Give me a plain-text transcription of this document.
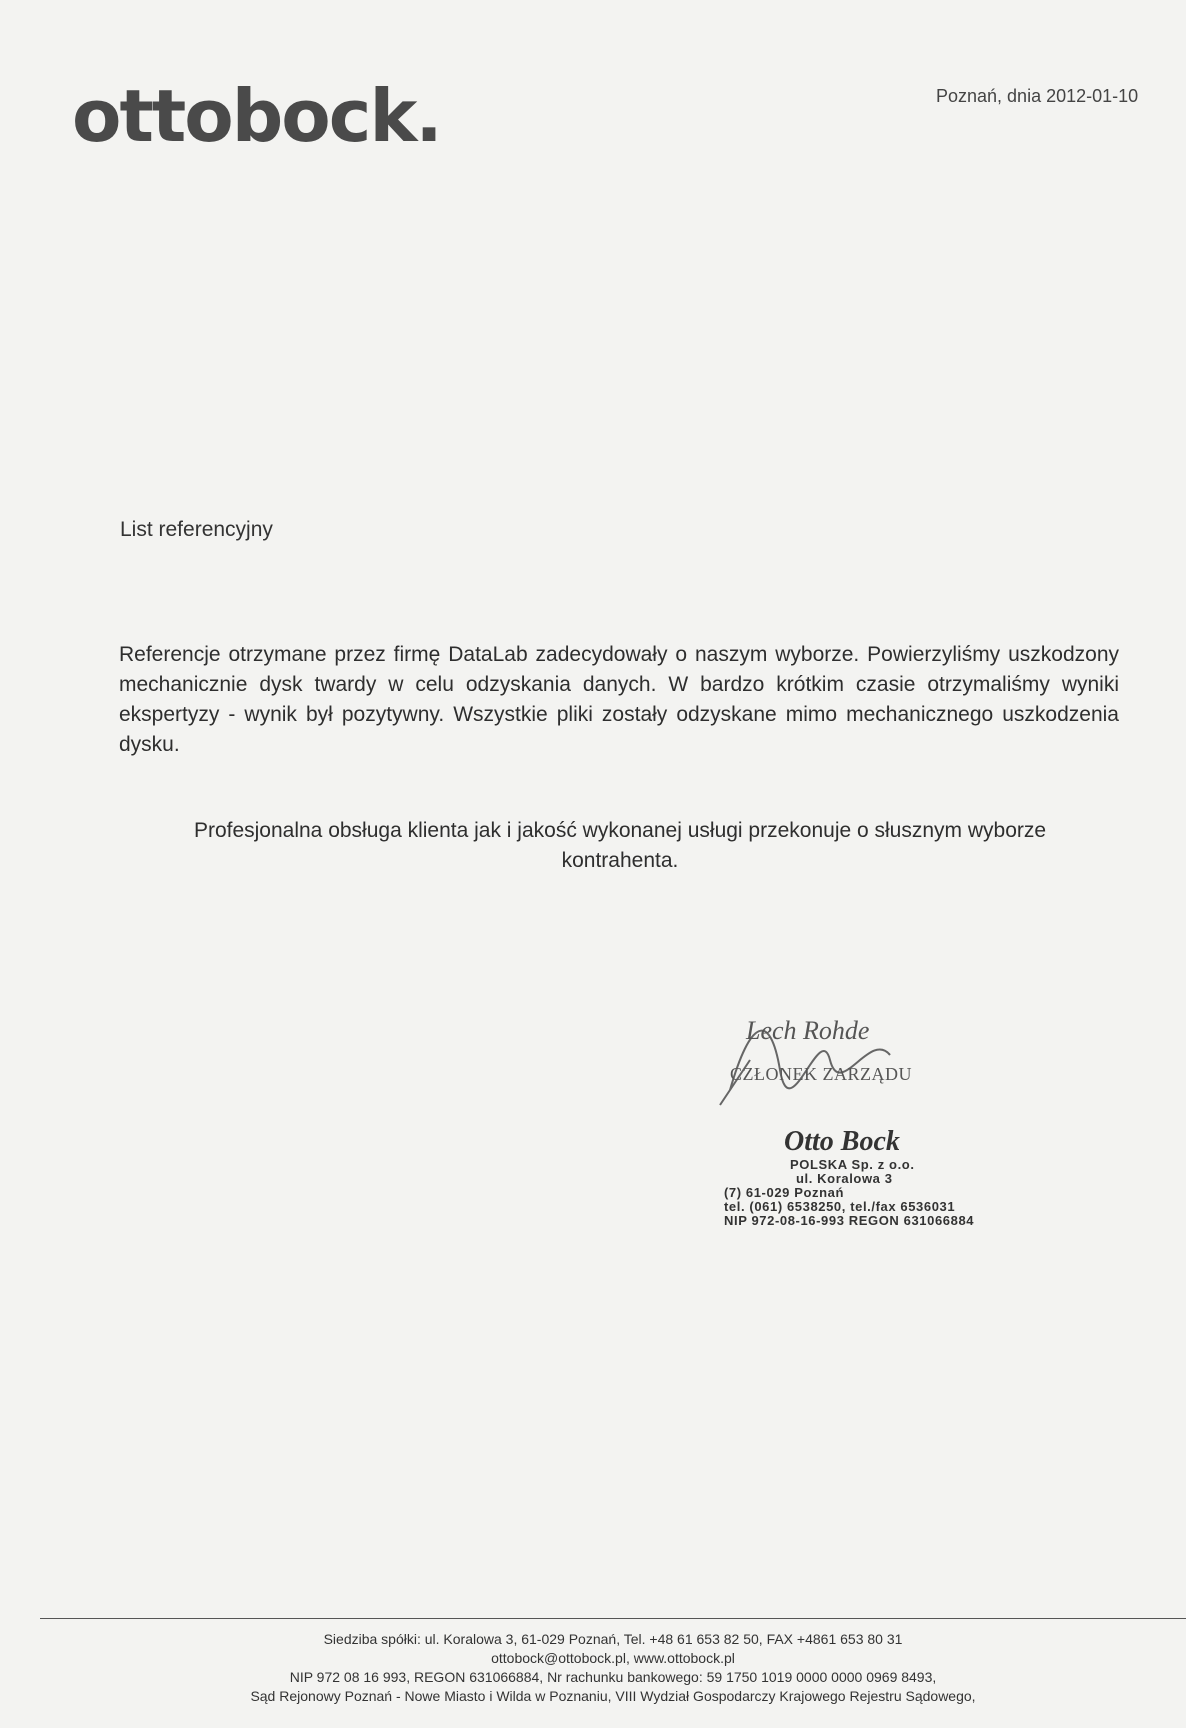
ottobock.	Poznań, dnia 2012-01-10
List referencyjny
Referencje otrzymane przez firmę DataLab zadecydowały o naszym wyborze. Powierzyliśmy uszkodzony mechanicznie dysk twardy w celu odzyskania danych. W bardzo krótkim czasie otrzymaliśmy wyniki ekspertyzy - wynik był pozytywny. Wszystkie pliki zostały odzyskane mimo mechanicznego uszkodzenia dysku.
Profesjonalna obsługa klienta jak i jakość wykonanej usługi przekonuje o słusznym wyborze kontrahenta.
Lech Rohde
CZŁONEK ZARZĄDU
Otto Bock
POLSKA Sp. z o.o.
ul. Koralowa 3
(7) 61-029 Poznań
tel. (061) 6538250, tel./fax 6536031
NIP 972-08-16-993 REGON 631066884
Siedziba spółki: ul. Koralowa 3, 61-029 Poznań, Tel. +48 61 653 82 50, FAX +4861 653 80 31
ottobock@ottobock.pl, www.ottobock.pl
NIP 972 08 16 993, REGON 631066884, Nr rachunku bankowego: 59 1750 1019 0000 0000 0969 8493,
Sąd Rejonowy Poznań - Nowe Miasto i Wilda w Poznaniu, VIII Wydział Gospodarczy Krajowego Rejestru Sądowego,
